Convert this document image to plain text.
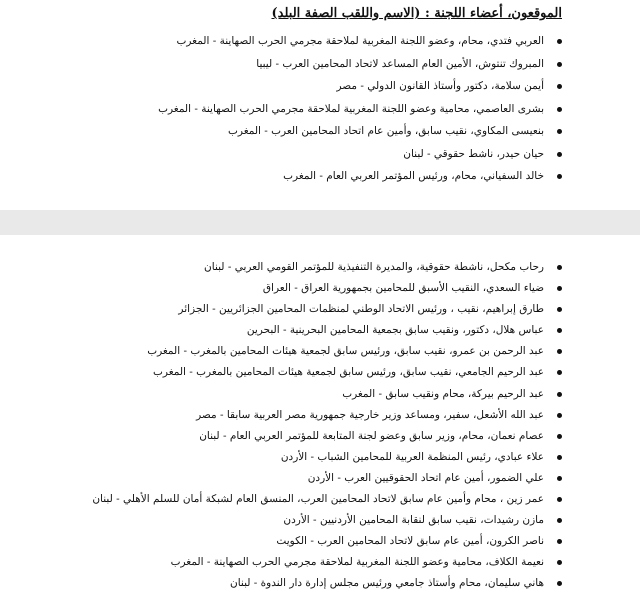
الموقعون، أعضاء اللجنة : (الاسم واللقب الصفة البلد)
العربي فتدي، محام، وعضو اللجنة المغربية لملاحقة مجرمي الحرب الصهاينة - المغرب
المبروك تنتوش، الأمين العام المساعد لاتحاد المحامين العرب - ليبيا
أيمن سلامة، دكتور وأستاذ القانون الدولي - مصر
بشرى العاصمي، محامية وعضو اللجنة المغربية لملاحقة مجرمي الحرب الصهاينة - المغرب
بنعيسى المكاوي، نقيب سابق، وأمين عام اتحاد المحامين العرب - المغرب
حيان حيدر، ناشط حقوقي - لبنان
خالد السفياني، محام، ورئيس المؤتمر العربي العام - المغرب
رحاب مكحل، ناشطة حقوقية، والمديرة التنفيذية للمؤتمر القومي العربي - لبنان
ضياء السعدي، النقيب الأسبق للمحامين بجمهورية العراق - العراق
طارق إبراهيم، نقيب ، ورئيس الاتحاد الوطني لمنظمات المحامين الجزائريين - الجزائر
عباس هلال، دكتور، ونقيب سابق بجمعية المحامين البحرينية - البحرين
عبد الرحمن بن عمرو، نقيب سابق، ورئيس سابق لجمعية هيئات المحامين بالمغرب - المغرب
عبد الرحيم الجامعي، نقيب سابق، ورئيس سابق لجمعية هيئات المحامين بالمغرب - المغرب
عبد الرحيم بيركة، محام ونقيب سابق - المغرب
عبد الله الأشعل، سفير، ومساعد وزير خارجية جمهورية مصر العربية سابقا - مصر
عصام نعمان، محام، وزير سابق وعضو لجنة المتابعة للمؤتمر العربي العام - لبنان
علاء عبادي، رئيس المنظمة العربية للمحامين الشباب - الأردن
علي الضمور، أمين عام اتحاد الحقوقيين العرب - الأردن
عمر زين ، محام وأمين عام سابق لاتحاد المحامين العرب، المنسق العام لشبكة أمان للسلم الأهلي - لبنان
مازن رشيدات، نقيب سابق لنقابة المحامين الأردنيين - الأردن
ناصر الكرون، أمين عام سابق لاتحاد المحامين العرب - الكويت
نعيمة الكلاف، محامية وعضو اللجنة المغربية لملاحقة مجرمي الحرب الصهاينة - المغرب
هاني سليمان، محام وأستاذ جامعي ورئيس مجلس إدارة دار الندوة - لبنان
